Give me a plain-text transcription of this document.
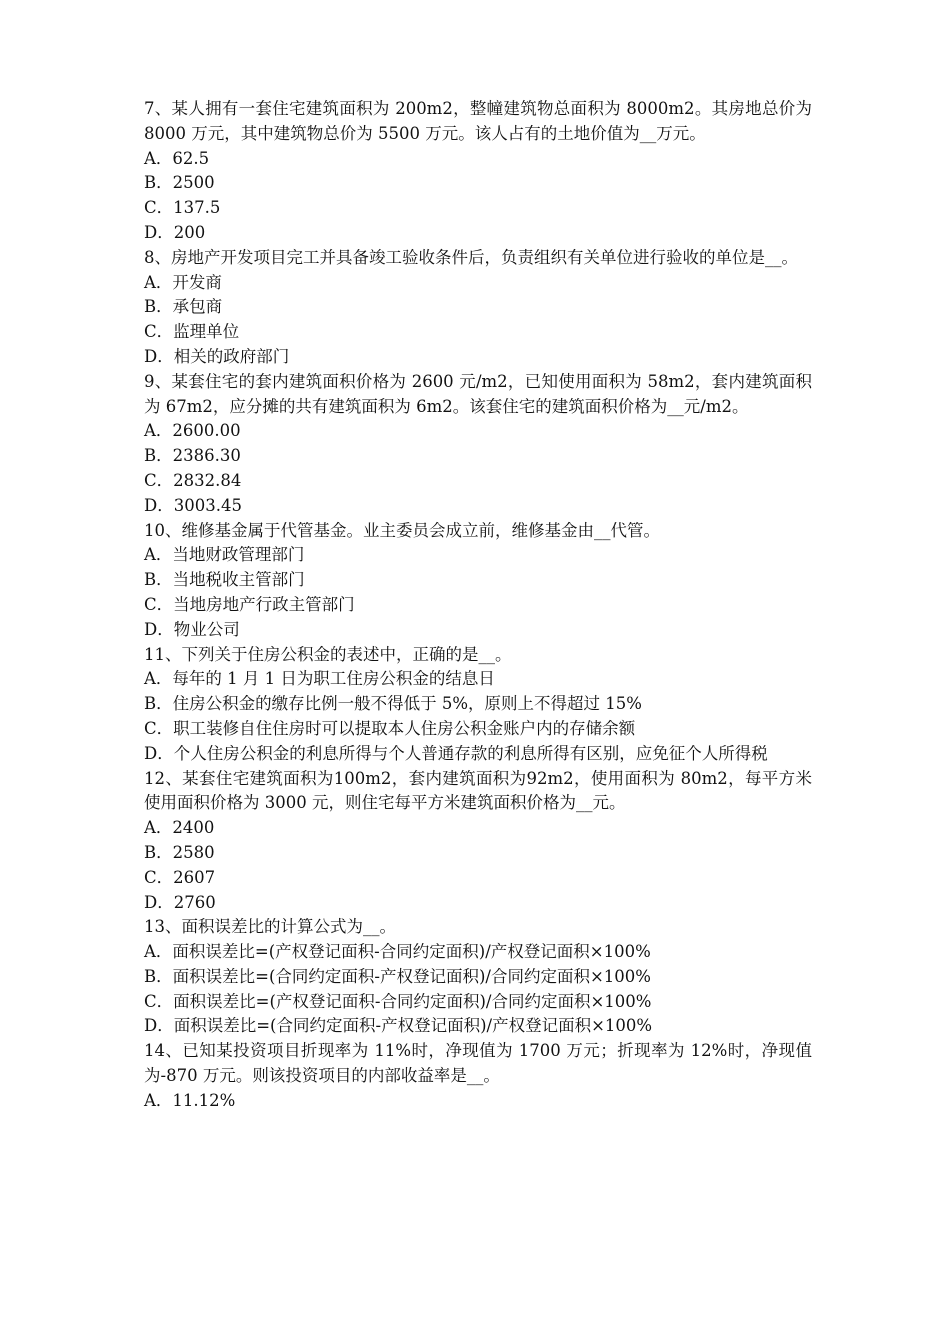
7、某人拥有一套住宅建筑面积为 200m2，整幢建筑物总面积为 8000m2。其房地总价为 8000 万元，其中建筑物总价为 5500 万元。该人占有的土地价值为__万元。

A．62.5

B．2500

C．137.5

D．200

8、房地产开发项目完工并具备竣工验收条件后，负责组织有关单位进行验收的单位是__。

A．开发商

B．承包商

C．监理单位

D．相关的政府部门

9、某套住宅的套内建筑面积价格为 2600 元/m2，已知使用面积为 58m2，套内建筑面积为 67m2，应分摊的共有建筑面积为 6m2。该套住宅的建筑面积价格为__元/m2。

A．2600.00

B．2386.30

C．2832.84

D．3003.45

10、维修基金属于代管基金。业主委员会成立前，维修基金由__代管。

A．当地财政管理部门

B．当地税收主管部门

C．当地房地产行政主管部门

D．物业公司

11、下列关于住房公积金的表述中，正确的是__。

A．每年的 1 月 1 日为职工住房公积金的结息日

B．住房公积金的缴存比例一般不得低于 5%，原则上不得超过 15%

C．职工装修自住住房时可以提取本人住房公积金账户内的存储余额

D．个人住房公积金的利息所得与个人普通存款的利息所得有区别，应免征个人所得税

12、某套住宅建筑面积为100m2，套内建筑面积为92m2，使用面积为 80m2，每平方米使用面积价格为 3000 元，则住宅每平方米建筑面积价格为__元。

A．2400

B．2580

C．2607

D．2760

13、面积误差比的计算公式为__。

A．面积误差比=(产权登记面积-合同约定面积)/产权登记面积×100%

B．面积误差比=(合同约定面积-产权登记面积)/合同约定面积×100%

C．面积误差比=(产权登记面积-合同约定面积)/合同约定面积×100%

D．面积误差比=(合同约定面积-产权登记面积)/产权登记面积×100%

14、已知某投资项目折现率为 11%时，净现值为 1700 万元；折现率为 12%时，净现值为-870 万元。则该投资项目的内部收益率是__。

A．11.12%
